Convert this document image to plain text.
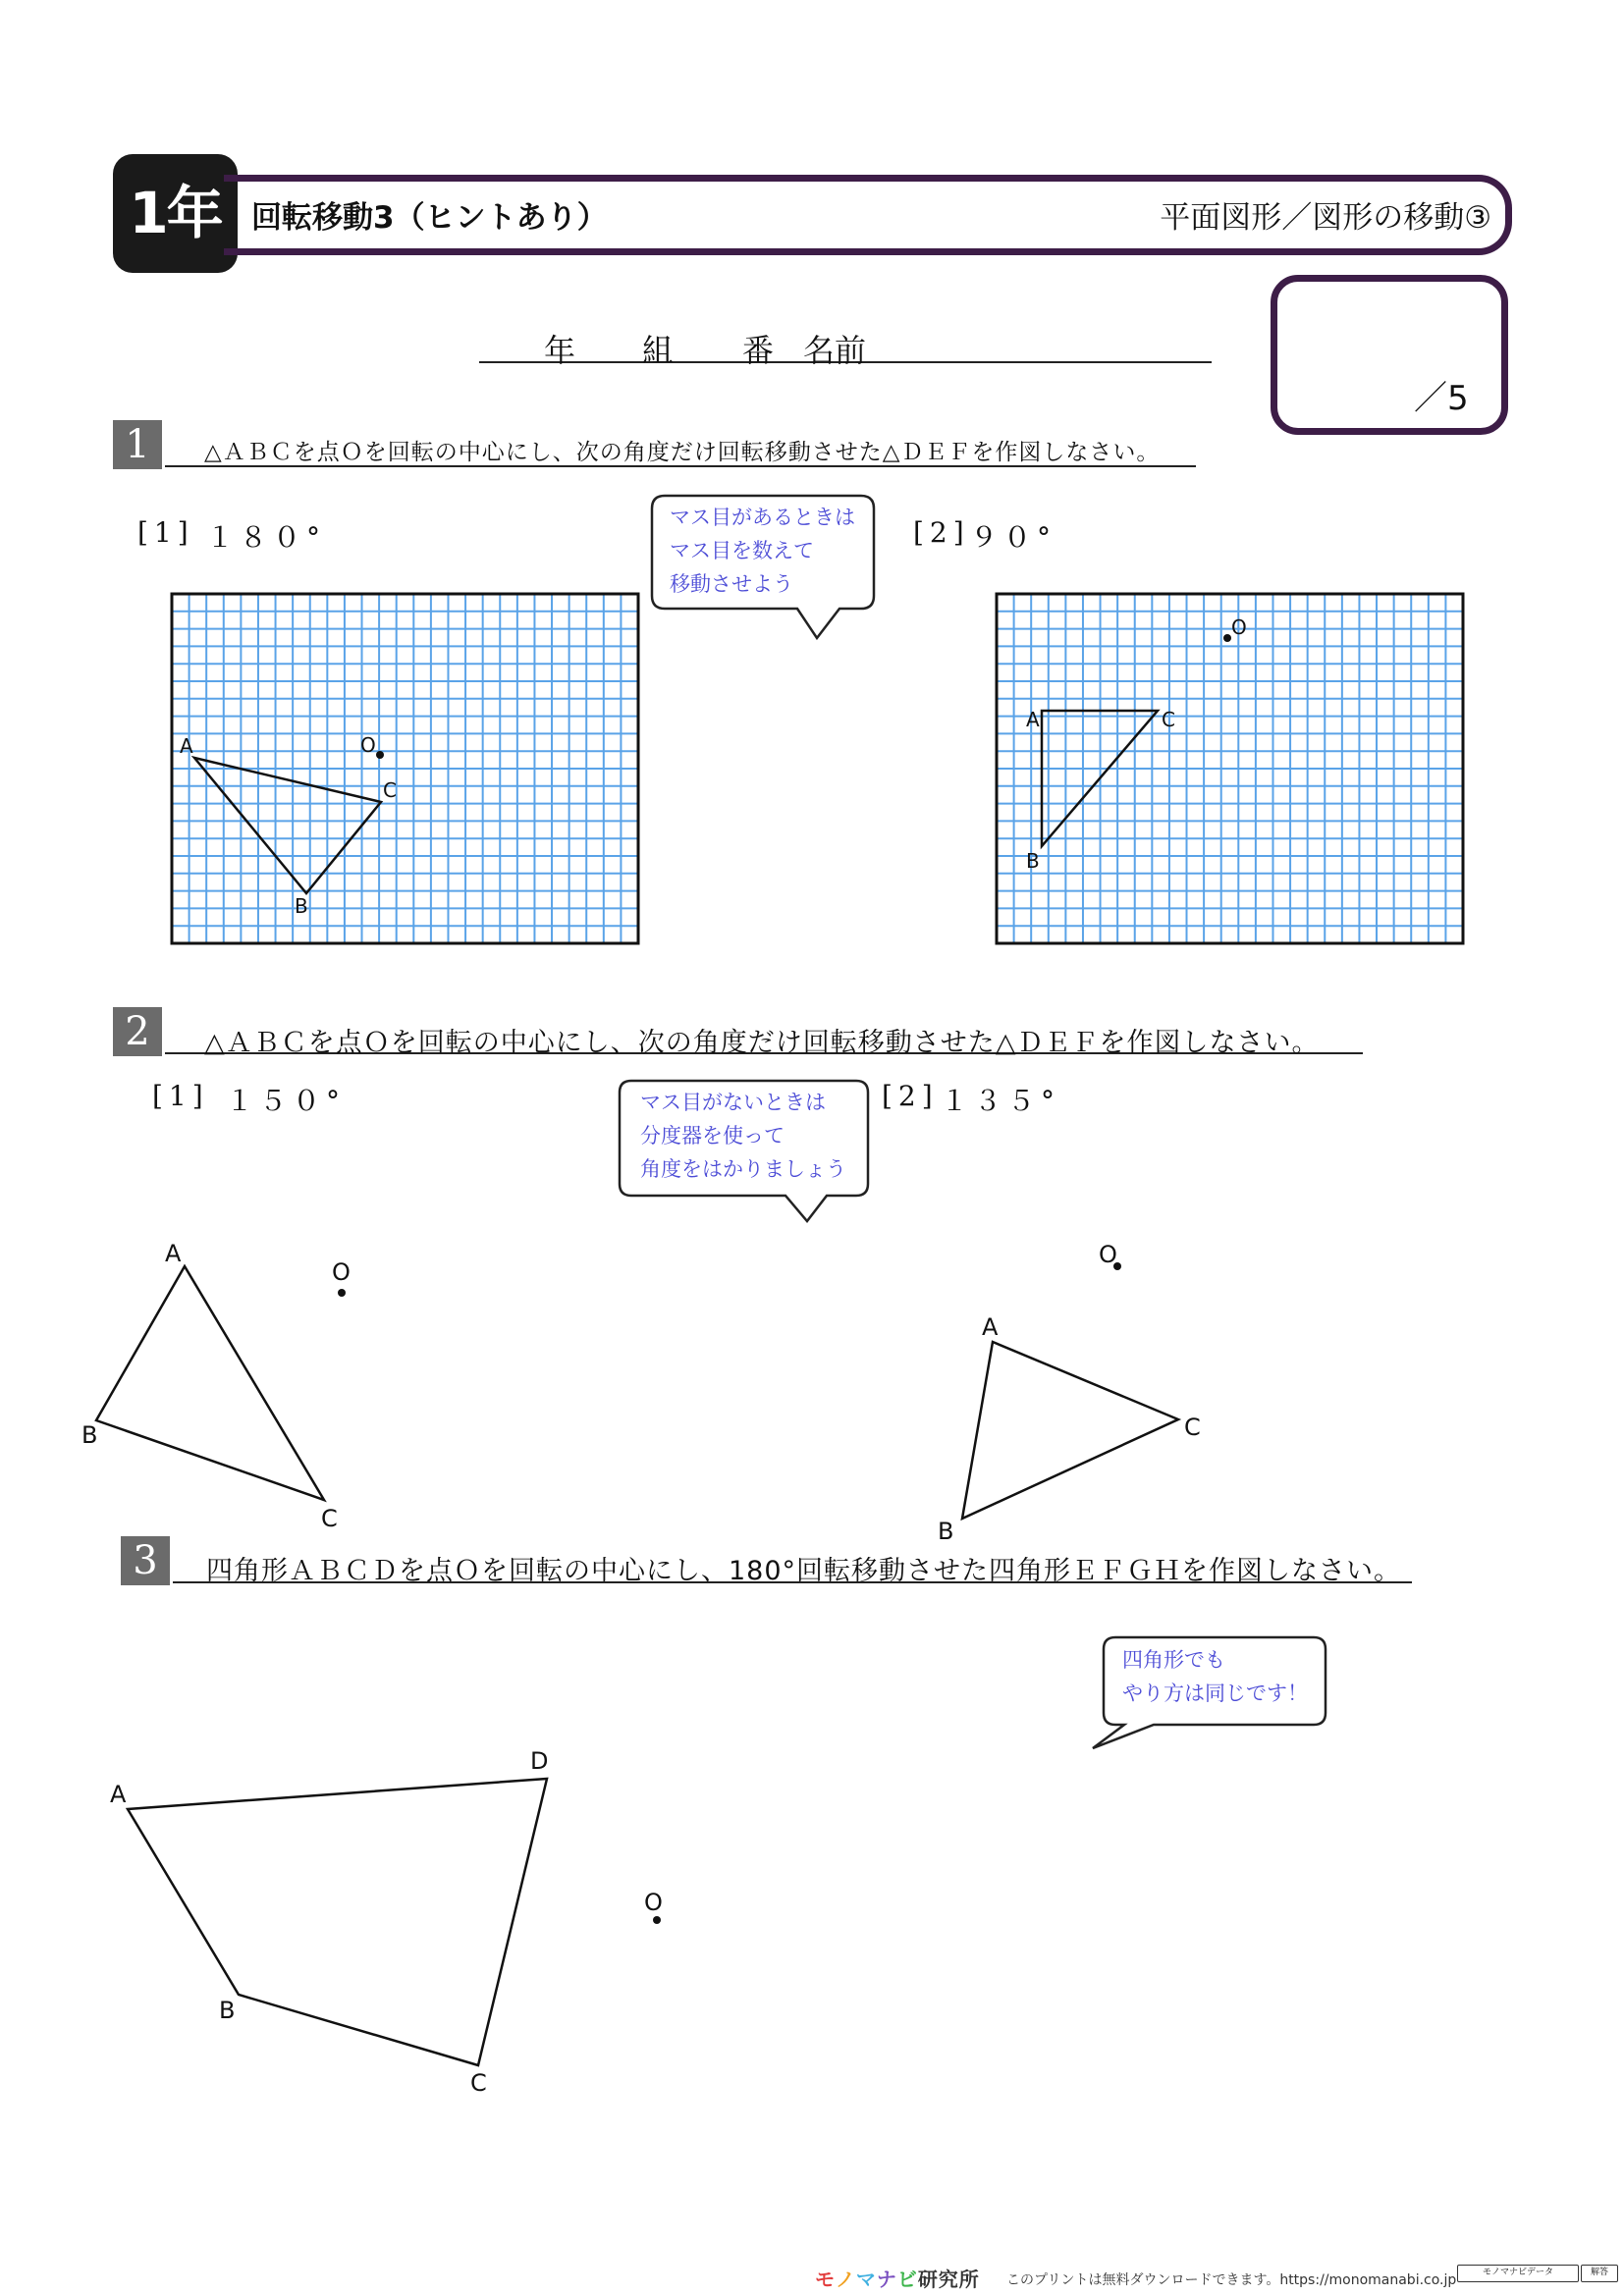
1年 回転移動3（ヒントあり）	平面図形／図形の移動③
／5
年 組 番 名前
1	△ＡＢＣを点Ｏを回転の中心にし、次の角度だけ回転移動させた△ＤＥＦを作図しなさい。
[1] １８０°	[2] ９０°
2	△ＡＢＣを点Ｏを回転の中心にし、次の角度だけ回転移動させた△ＤＥＦを作図しなさい。
[1] １５０°	[2] １３５°
3	四角形ＡＢＣＤを点Ｏを回転の中心にし、180°回転移動させた四角形ＥＦＧＨを作図しなさい。
A
B
C
O
A
B
C
O
A
B
C
O
A
B
C
O
A
B
C
D
O
マス目があるときは
マス目を数えて
移動させよう
マス目がないときは
分度器を使って
角度をはかりましょう
四角形でも
やり方は同じです！
モノマナビ研究所 このプリントは無料ダウンロードできます。https://monomanabi.co.jp	モノマナビデータ	解答
